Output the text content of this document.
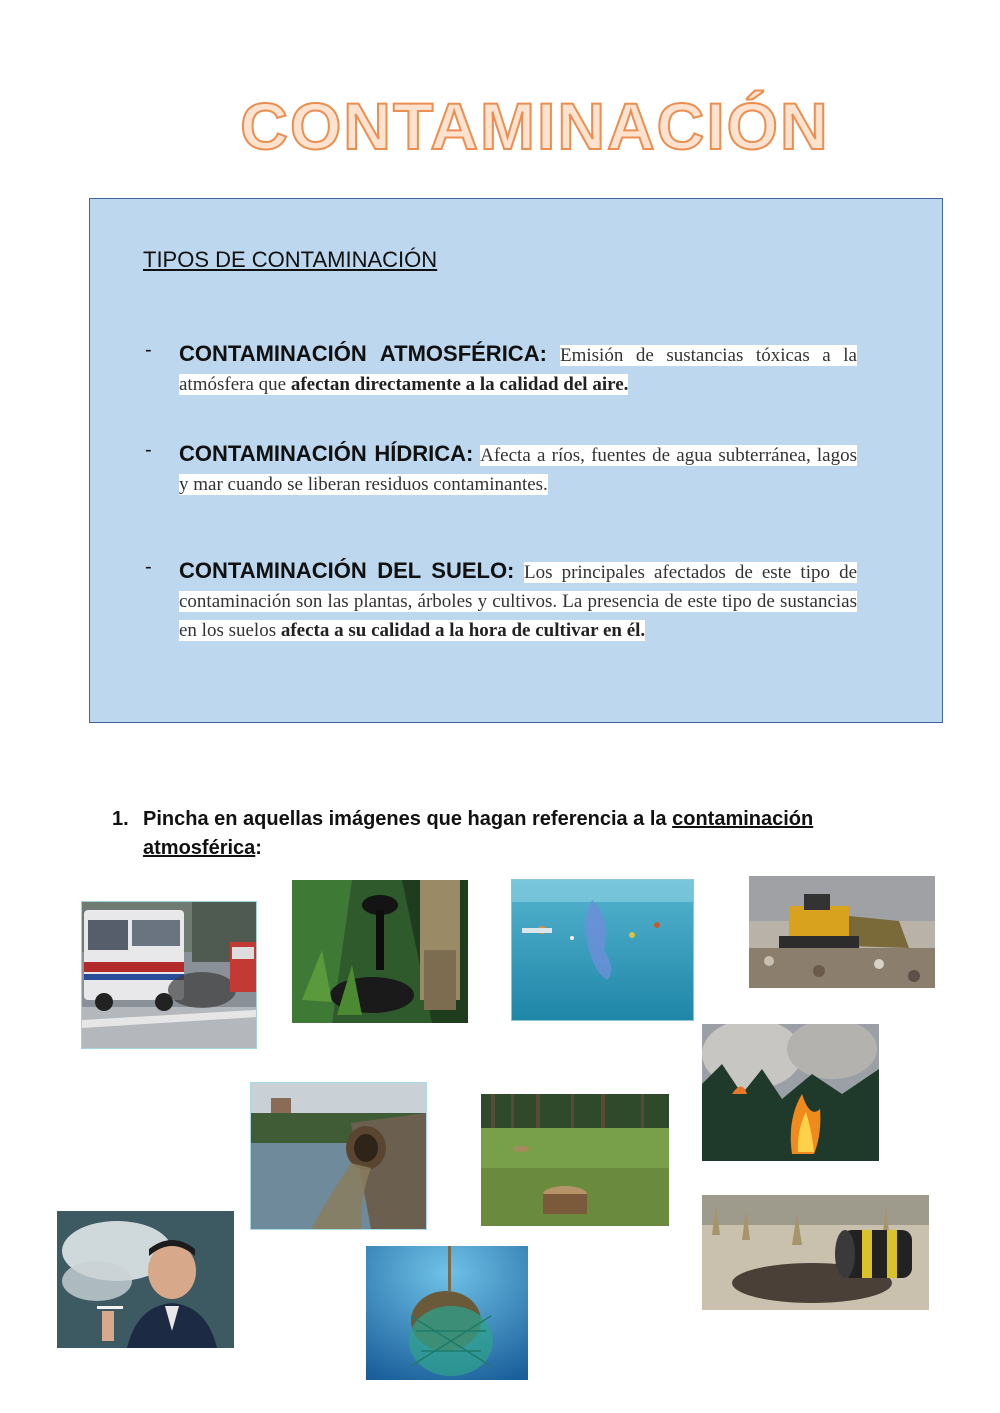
CONTAMINACIÓN
TIPOS DE CONTAMINACIÓN
- CONTAMINACIÓN ATMOSFÉRICA: Emisión de sustancias tóxicas a la atmósfera que afectan directamente a la calidad del aire.
- CONTAMINACIÓN HÍDRICA: Afecta a ríos, fuentes de agua subterránea, lagos y mar cuando se liberan residuos contaminantes.
- CONTAMINACIÓN DEL SUELO: Los principales afectados de este tipo de contaminación son las plantas, árboles y cultivos. La presencia de este tipo de sustancias en los suelos afecta a su calidad a la hora de cultivar en él.
1. Pincha en aquellas imágenes que hagan referencia a la contaminación atmosférica:
